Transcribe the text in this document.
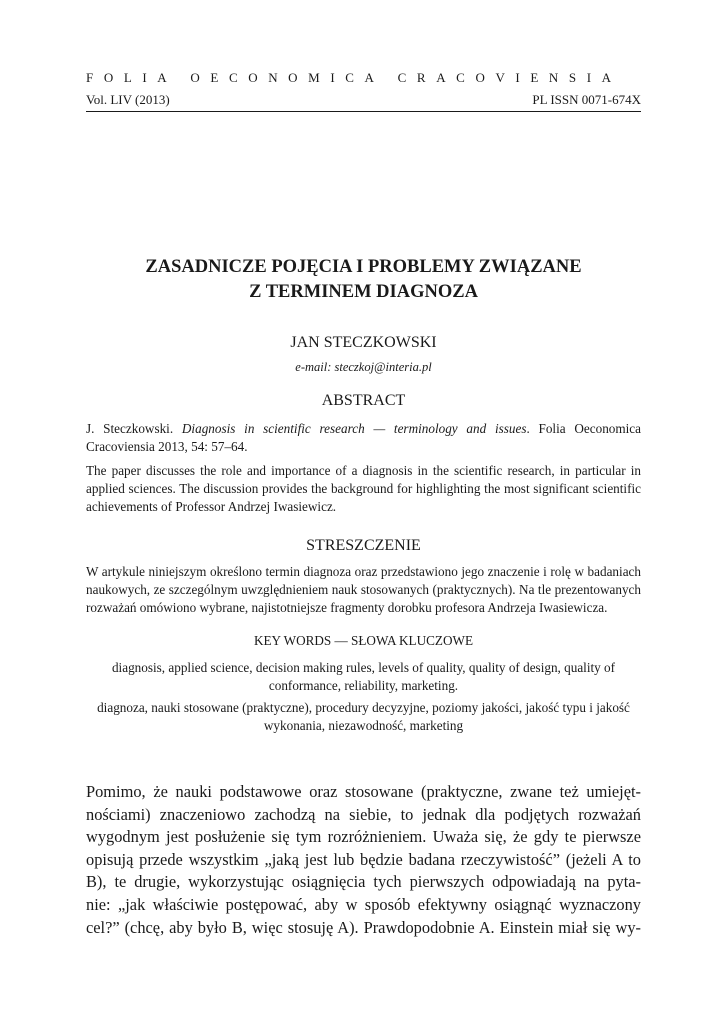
FOLIA OECONOMICA CRACOVIENSIA
Vol. LIV (2013)	PL ISSN 0071-674X
ZASADNICZE POJĘCIA I PROBLEMY ZWIĄZANE
Z TERMINEM DIAGNOZA
JAN STECZKOWSKI
e-mail: steczkoj@interia.pl
ABSTRACT
J. Steczkowski. Diagnosis in scientific research — terminology and issues. Folia Oeconomica Cracoviensia 2013, 54: 57–64.
The paper discusses the role and importance of a diagnosis in the scientific research, in particular in applied sciences. The discussion provides the background for highlighting the most significant scientific achievements of Professor Andrzej Iwasiewicz.
STRESZCZENIE
W artykule niniejszym określono termin diagnoza oraz przedstawiono jego znaczenie i rolę w badaniach naukowych, ze szczególnym uwzględnieniem nauk stosowanych (praktycznych). Na tle prezentowanych rozważań omówiono wybrane, najistotniejsze fragmenty dorobku profesora Andrzeja Iwasiewicza.
KEY WORDS — SŁOWA KLUCZOWE
diagnosis, applied science, decision making rules, levels of quality, quality of design, quality of conformance, reliability, marketing.
diagnoza, nauki stosowane (praktyczne), procedury decyzyjne, poziomy jakości, jakość typu i jakość wykonania, niezawodność, marketing
Pomimo, że nauki podstawowe oraz stosowane (praktyczne, zwane też umiejęt-
nościami) znaczeniowo zachodzą na siebie, to jednak dla podjętych rozważań
wygodnym jest posłużenie się tym rozróżnieniem. Uważa się, że gdy te pierwsze
opisują przede wszystkim „jaką jest lub będzie badana rzeczywistość” (jeżeli A to
B), te drugie, wykorzystując osiągnięcia tych pierwszych odpowiadają na pyta-
nie: „jak właściwie postępować, aby w sposób efektywny osiągnąć wyznaczony
cel?” (chcę, aby było B, więc stosuję A). Prawdopodobnie A. Einstein miał się wy-
